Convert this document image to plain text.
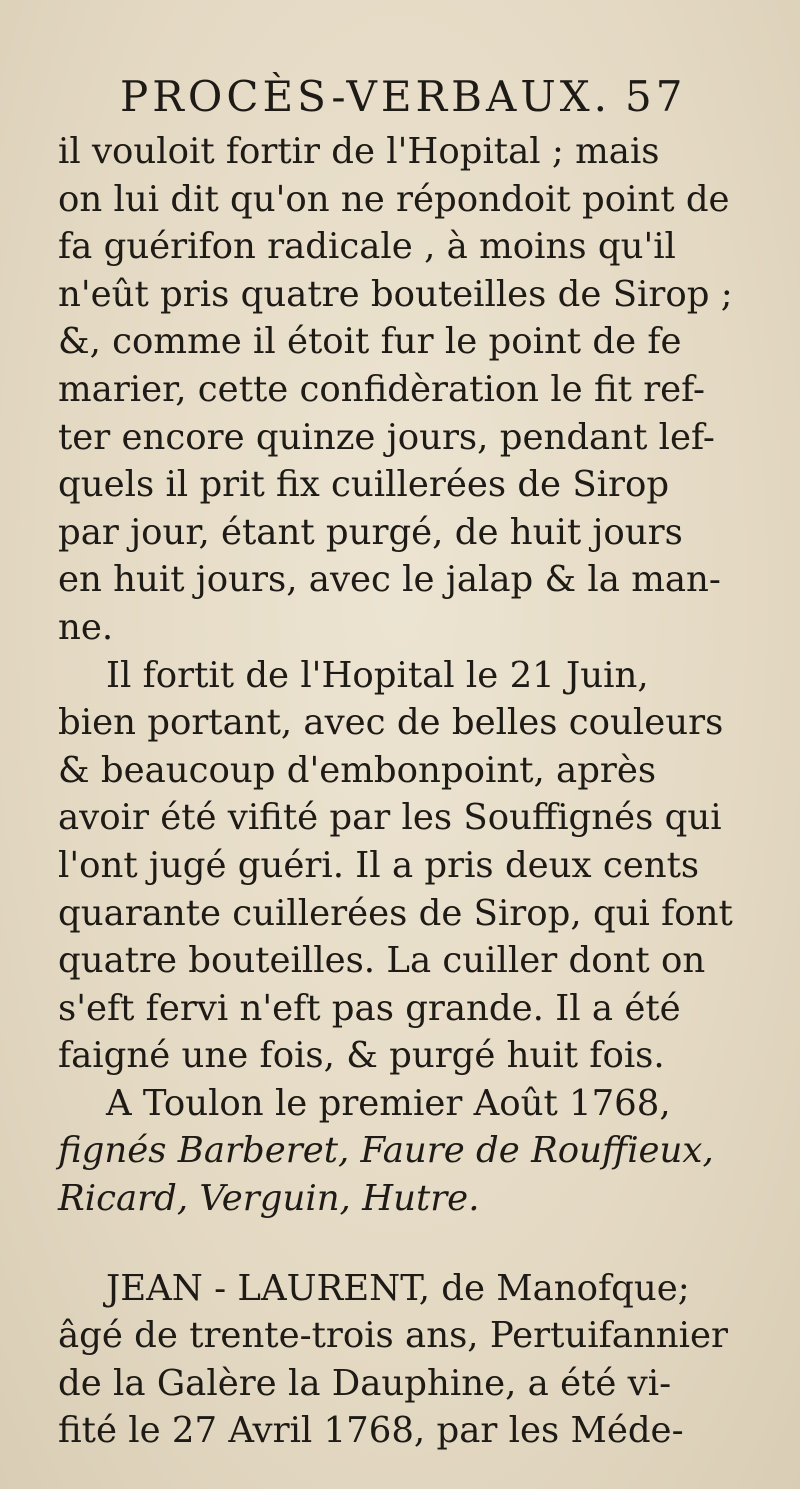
PROCÈS-VERBAUX. 57
il vouloit fortir de l'Hopital ; mais
on lui dit qu'on ne répondoit point de
fa guérifon radicale , à moins qu'il
n'eût pris quatre bouteilles de Sirop ;
&, comme il étoit fur le point de fe
marier, cette confidèration le fit ref-
ter encore quinze jours, pendant lef-
quels il prit fix cuillerées de Sirop
par jour, étant purgé, de huit jours
en huit jours, avec le jalap & la man-
ne.
Il fortit de l'Hopital le 21 Juin,
bien portant, avec de belles couleurs
& beaucoup d'embonpoint, après
avoir été vifité par les Souffignés qui
l'ont jugé guéri. Il a pris deux cents
quarante cuillerées de Sirop, qui font
quatre bouteilles. La cuiller dont on
s'eft fervi n'eft pas grande. Il a été
faigné une fois, & purgé huit fois.
A Toulon le premier Août 1768,
fignés Barberet, Faure de Rouffieux,
Ricard, Verguin, Hutre.
JEAN - LAURENT, de Manofque;
âgé de trente-trois ans, Pertuifannier
de la Galère la Dauphine, a été vi-
fité le 27 Avril 1768, par les Méde-
